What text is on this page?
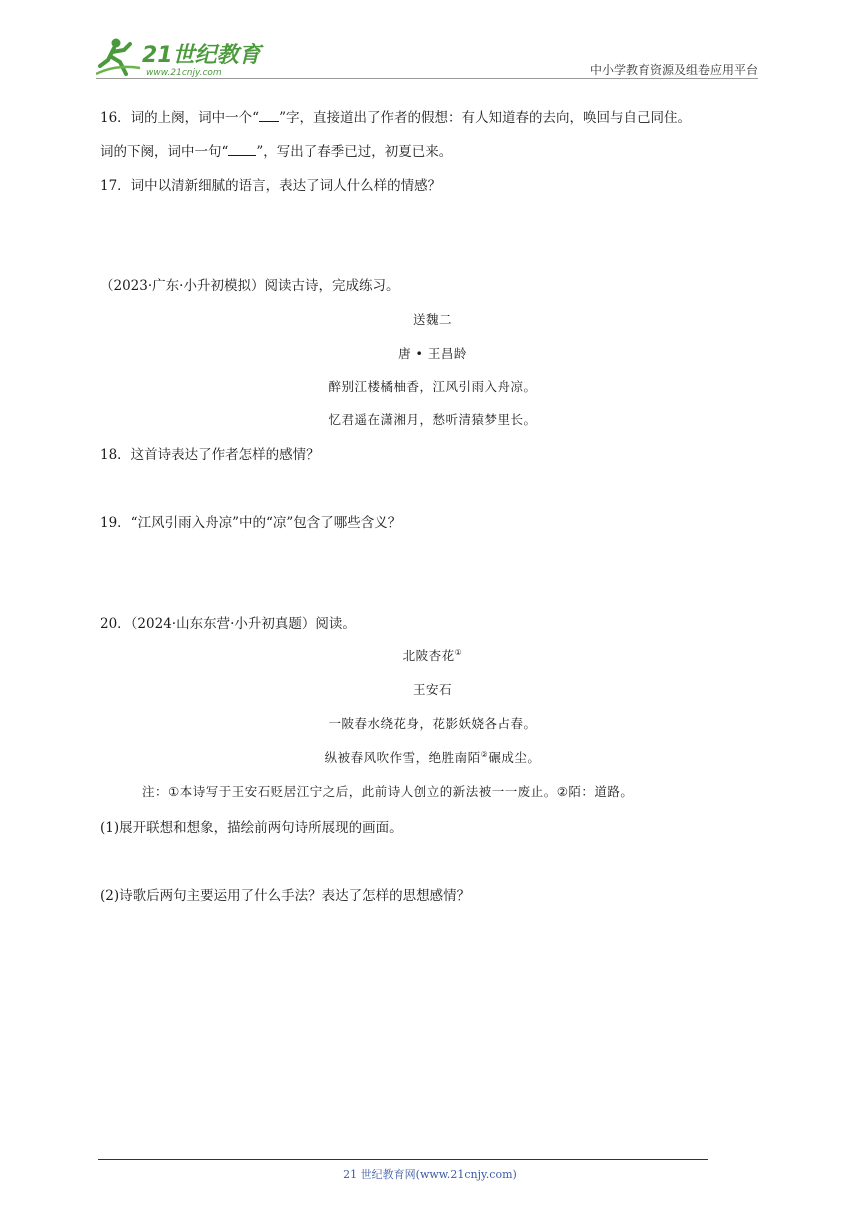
21世纪教育
www.21cnjy.com	中小学教育资源及组卷应用平台
16．词的上阕，词中一个“ ”字，直接道出了作者的假想：有人知道春的去向，唤回与自己同住。
词的下阕，词中一句“ ”，写出了春季已过，初夏已来。
17．词中以清新细腻的语言，表达了词人什么样的情感？
（2023·广东·小升初模拟）阅读古诗，完成练习。
送魏二
唐 • 王昌龄
醉别江楼橘柚香，江风引雨入舟凉。
忆君遥在潇湘月，愁听清猿梦里长。
18．这首诗表达了作者怎样的感情？
19．“江风引雨入舟凉”中的“凉”包含了哪些含义？
20．（2024·山东东营·小升初真题）阅读。
北陂杏花①
王安石
一陂春水绕花身，花影妖娆各占春。
纵被春风吹作雪，绝胜南陌②碾成尘。
注：①本诗写于王安石贬居江宁之后，此前诗人创立的新法被一一废止。②陌：道路。
(1)展开联想和想象，描绘前两句诗所展现的画面。
(2)诗歌后两句主要运用了什么手法？表达了怎样的思想感情？
21 世纪教育网(www.21cnjy.com)
